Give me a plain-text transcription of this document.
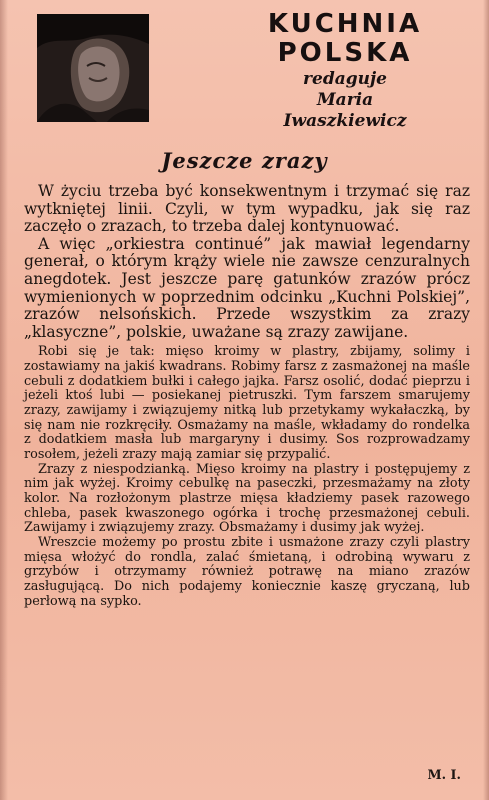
KUCHNIA
POLSKA
redaguje
Maria
Iwaszkiewicz
Jeszcze zrazy

W życiu trzeba być konsekwentnym i trzymać się raz wytkniętej linii. Czyli, w tym wypadku, jak się raz zaczęło o zrazach, to trzeba dalej kontynuować.

A więc „orkiestra continué” jak mawiał legendarny generał, o którym krąży wiele nie zawsze cenzuralnych anegdotek. Jest jeszcze parę gatunków zrazów prócz wymienionych w poprzednim odcinku „Kuchni Polskiej”, zrazów nelsońskich. Przede wszystkim za zrazy „klasyczne”, polskie, uważane są zrazy zawijane.

Robi się je tak: mięso kroimy w plastry, zbijamy, solimy i zostawiamy na jakiś kwadrans. Robimy farsz z zasmażonej na maśle cebuli z dodatkiem bułki i całego jajka. Farsz osolić, dodać pieprzu i jeżeli ktoś lubi — posiekanej pietruszki. Tym farszem smarujemy zrazy, zawijamy i związujemy nitką lub przetykamy wykałaczką, by się nam nie rozkręciły. Osmażamy na maśle, wkładamy do rondelka z dodatkiem masła lub margaryny i dusimy. Sos rozprowadzamy rosołem, jeżeli zrazy mają zamiar się przypalić.

Zrazy z niespodzianką. Mięso kroimy na plastry i postępujemy z nim jak wyżej. Kroimy cebulkę na paseczki, przesmażamy na złoty kolor. Na rozłożonym plastrze mięsa kładziemy pasek razowego chleba, pasek kwaszonego ogórka i trochę przesmażonej cebuli. Zawijamy i związujemy zrazy. Obsmażamy i dusimy jak wyżej.

Wreszcie możemy po prostu zbite i usmażone zrazy czyli plastry mięsa włożyć do rondla, zalać śmietaną, i odrobiną wywaru z grzybów i otrzymamy również potrawę na miano zrazów zasługującą. Do nich podajemy koniecznie kaszę gryczaną, lub perłową na sypko.

M. I.
